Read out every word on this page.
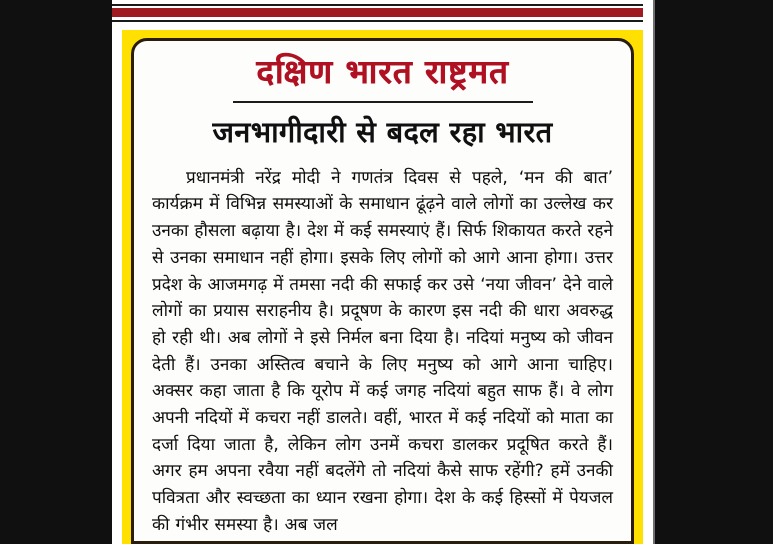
दक्षिण भारत राष्ट्रमत
जनभागीदारी से बदल रहा भारत

प्रधानमंत्री नरेंद्र मोदी ने गणतंत्र दिवस से पहले, ‘मन की बात’ कार्यक्रम में विभिन्न समस्याओं के समाधान ढूंढ़ने वाले लोगों का उल्लेख कर उनका हौसला बढ़ाया है। देश में कई समस्याएं हैं। सिर्फ शिकायत करते रहने से उनका समाधान नहीं होगा। इसके लिए लोगों को आगे आना होगा। उत्तर प्रदेश के आजमगढ़ में तमसा नदी की सफाई कर उसे ‘नया जीवन’ देने वाले लोगों का प्रयास सराहनीय है। प्रदूषण के कारण इस नदी की धारा अवरुद्ध हो रही थी। अब लोगों ने इसे निर्मल बना दिया है। नदियां मनुष्य को जीवन देती हैं। उनका अस्तित्व बचाने के लिए मनुष्य को आगे आना चाहिए। अक्सर कहा जाता है कि यूरोप में कई जगह नदियां बहुत साफ हैं। वे लोग अपनी नदियों में कचरा नहीं डालते। वहीं, भारत में कई नदियों को माता का दर्जा दिया जाता है, लेकिन लोग उनमें कचरा डालकर प्रदूषित करते हैं। अगर हम अपना रवैया नहीं बदलेंगे तो नदियां कैसे साफ रहेंगी? हमें उनकी पवित्रता और स्वच्छता का ध्यान रखना होगा। देश के कई हिस्सों में पेयजल की गंभीर समस्या है। अब जल
